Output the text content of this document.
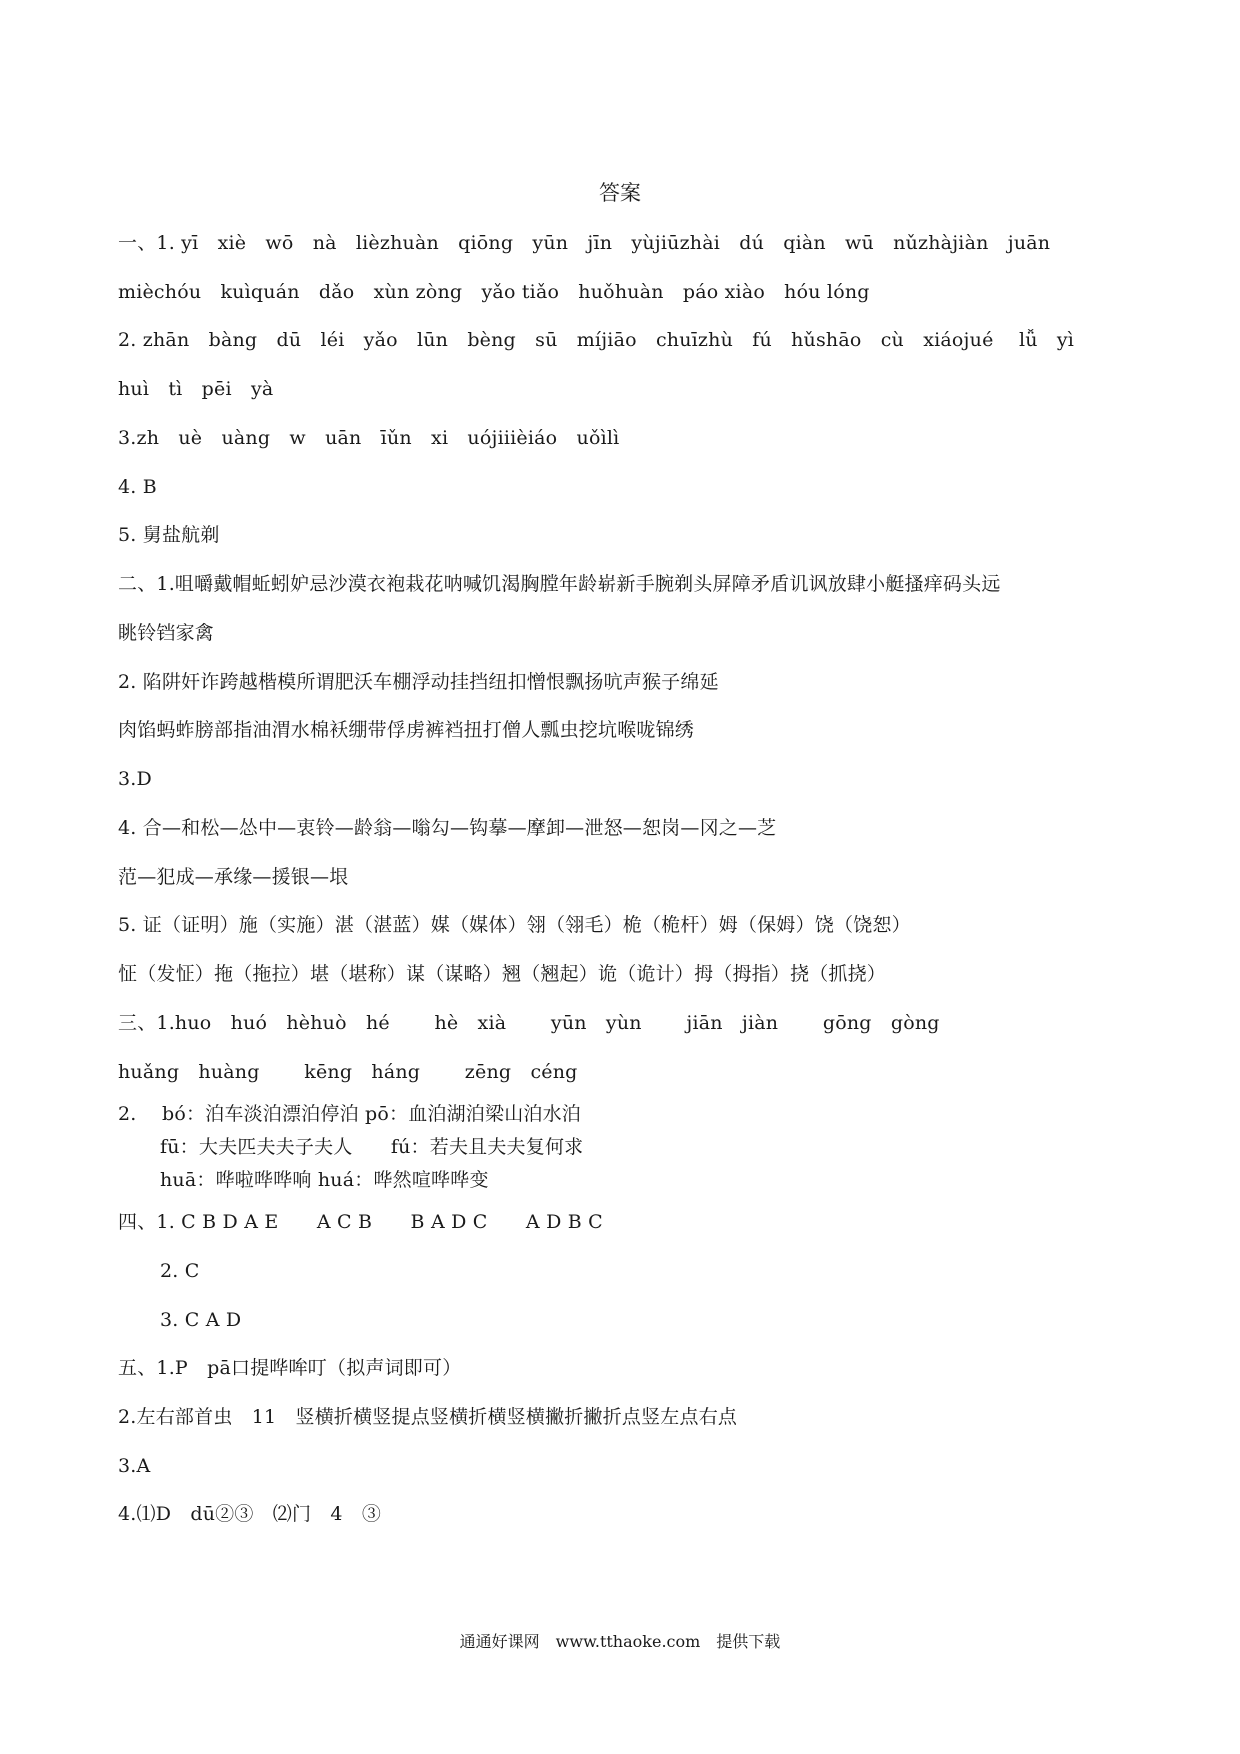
答案
一、1. yī　xiè　wō　nà　lièzhuàn　qiōng　yūn　jīn　yùjiūzhài　dú　qiàn　wū　nǔzhàjiàn　juān
mièchóu　kuìquán　dǎo　xùn zòng　yǎo tiǎo　huǒhuàn　páo xiào　hóu lóng
2. zhān　bàng　dū　léi　yǎo　lūn　bèng　sū　míjiāo　chuīzhù　fú　hǔshāo　cù　xiáojué　 lǚ　yì
huì　tì　pēi　yà
3.zh　uè　uàng　w　uān　īǔn　xi　uójiiièiáo　uǒìlì
4. B
5. 舅盐航剃
二、1.咀嚼戴帽蚯蚓妒忌沙漠衣袍栽花呐喊饥渴胸膛年龄崭新手腕剃头屏障矛盾讥讽放肆小艇搔痒码头远
眺铃铛家禽
2. 陷阱奸诈跨越楷模所谓肥沃车棚浮动挂挡纽扣憎恨飘扬吭声猴子绵延
肉馅蚂蚱膀部指油渭水棉袄绷带俘虏裤裆扭打僧人瓢虫挖坑喉咙锦绣
3.D
4. 合—和松—怂中—衷铃—龄翁—嗡勾—钩摹—摩卸—泄怒—恕岗—冈之—芝
范—犯成—承缘—援银—垠
5. 证（证明）施（实施）湛（湛蓝）媒（媒体）翎（翎毛）桅（桅杆）姆（保姆）饶（饶恕）
怔（发怔）拖（拖拉）堪（堪称）谋（谋略）翘（翘起）诡（诡计）拇（拇指）挠（抓挠）
三、1.huo　huó　hèhuò　hé　　 hè　xià　　 yūn　yùn　　 jiān　jiàn　　 gōng　gòng
huǎng　huàng　　 kēng　háng　　 zēng　céng
2.　 bó：泊车淡泊漂泊停泊 pō：血泊湖泊梁山泊水泊
fū：大夫匹夫夫子夫人　　fú：若夫且夫夫复何求
huā：哗啦哗哗响 huá：哗然喧哗哗变
四、1. C B D A E　　A C B　　B A D C　　A D B C
2. C
3. C A D
五、1.P　pā口提哗哞叮（拟声词即可）
2.左右部首虫　11　竖横折横竖提点竖横折横竖横撇折撇折点竖左点右点
3.A
4.⑴D　dū②③　⑵门　4　③
通通好课网　www.tthaoke.com　提供下载
